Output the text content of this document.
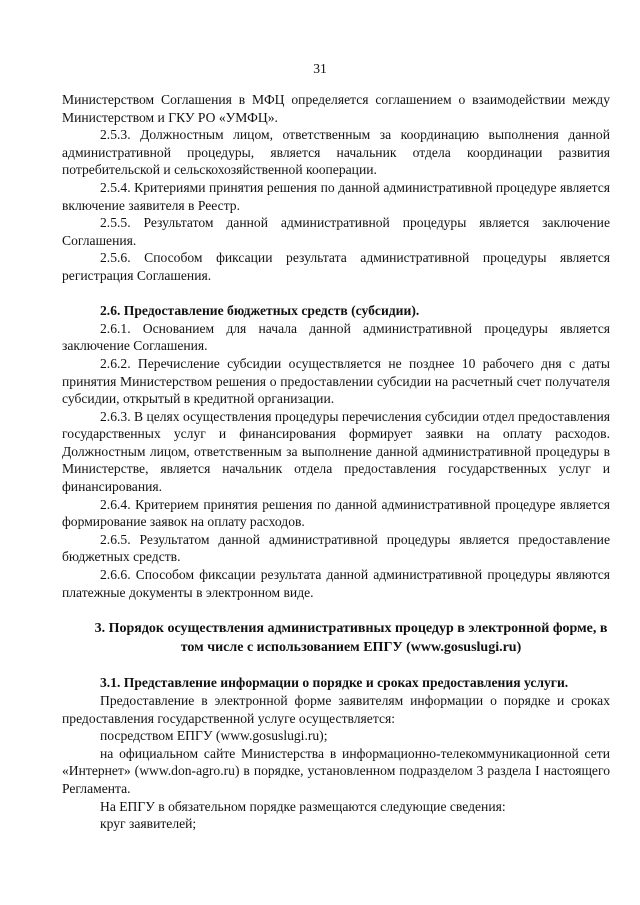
31

Министерством Соглашения в МФЦ определяется соглашением о взаимодействии между Министерством и ГКУ РО «УМФЦ».

2.5.3. Должностным лицом, ответственным за координацию выполнения данной административной процедуры, является начальник отдела координации развития потребительской и сельскохозяйственной кооперации.

2.5.4. Критериями принятия решения по данной административной процедуре является включение заявителя в Реестр.

2.5.5. Результатом данной административной процедуры является заключение Соглашения.

2.5.6. Способом фиксации результата административной процедуры является регистрация Соглашения.

2.6. Предоставление бюджетных средств (субсидии).

2.6.1. Основанием для начала данной административной процедуры является заключение Соглашения.

2.6.2. Перечисление субсидии осуществляется не позднее 10 рабочего дня с даты принятия Министерством решения о предоставлении субсидии на расчетный счет получателя субсидии, открытый в кредитной организации.

2.6.3. В целях осуществления процедуры перечисления субсидии отдел предоставления государственных услуг и финансирования формирует заявки на оплату расходов. Должностным лицом, ответственным за выполнение данной административной процедуры в Министерстве, является начальник отдела предоставления государственных услуг и финансирования.

2.6.4. Критерием принятия решения по данной административной процедуре является формирование заявок на оплату расходов.

2.6.5. Результатом данной административной процедуры является предоставление бюджетных средств.

2.6.6. Способом фиксации результата данной административной процедуры являются платежные документы в электронном виде.

3. Порядок осуществления административных процедур в электронной форме, в том числе с использованием ЕПГУ (www.gosuslugi.ru)

3.1. Представление информации о порядке и сроках предоставления услуги.

Предоставление в электронной форме заявителям информации о порядке и сроках предоставления государственной услуге осуществляется:

посредством ЕПГУ (www.gosuslugi.ru);

на официальном сайте Министерства в информационно-телекоммуникационной сети «Интернет» (www.don-agro.ru) в порядке, установленном подразделом 3 раздела I настоящего Регламента.

На ЕПГУ в обязательном порядке размещаются следующие сведения:

круг заявителей;
